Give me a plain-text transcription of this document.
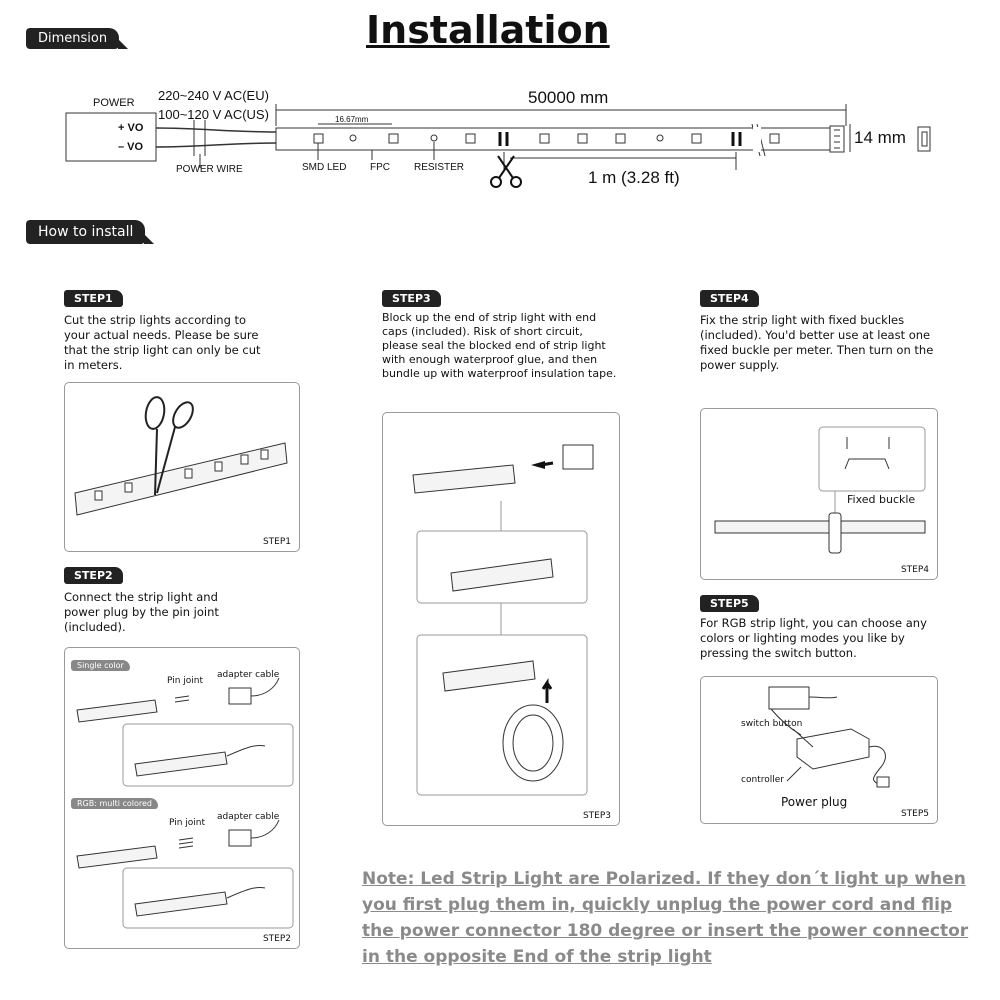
Installation
Dimension
POWER
+ VO
– VO
220~240 V AC(EU)
100~120 V AC(US)
50000 mm
16.67mm
14 mm
POWER WIRE	SMD LED FPC RESISTER
1 m (3.28 ft)
How to install
STEP1
Cut the strip lights according to your actual needs. Please be sure that the strip light can only be cut in meters.
STEP1
STEP2
Connect the strip light and power plug by the pin joint (included).
Single color
Pin joint
adapter cable
RGB: multi colored
Pin joint
adapter cable
STEP2
STEP3
Block up the end of strip light with end caps (included). Risk of short circuit, please seal the blocked end of strip light with enough waterproof glue, and then bundle up with waterproof insulation tape.
STEP3
STEP4
Fix the strip light with fixed buckles (included). You'd better use at least one fixed buckle per meter. Then turn on the power supply.
Fixed buckle
STEP4
STEP5
For RGB strip light, you can choose any colors or lighting modes you like by pressing the switch button.
switch button
controller
Power plug
STEP5
Note: Led Strip Light are Polarized. If they don´t light up when you first plug them in, quickly unplug the power cord and flip the power connector 180 degree or insert the power connector in the opposite End of the strip light
